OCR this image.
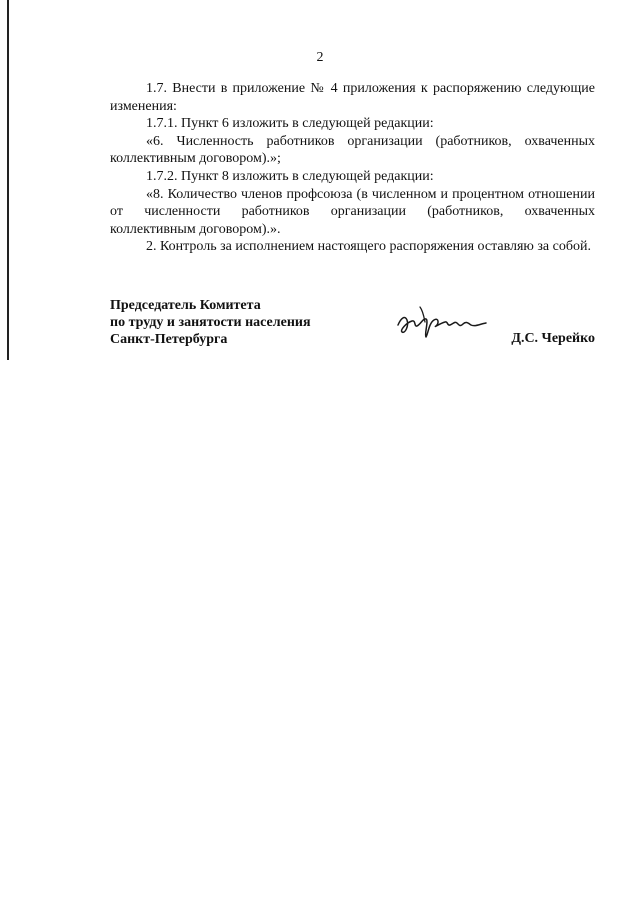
2

1.7. Внести в приложение № 4 приложения к распоряжению следующие изменения:

1.7.1. Пункт 6 изложить в следующей редакции:

«6. Численность работников организации (работников, охваченных коллективным договором).»;

1.7.2. Пункт 8 изложить в следующей редакции:

«8. Количество членов профсоюза (в численном и процентном отношении от численности работников организации (работников, охваченных коллективным договором).».

2. Контроль за исполнением настоящего распоряжения оставляю за собой.

Председатель Комитета
по труду и занятости населения
Санкт-Петербурга	Д.С. Черейко
